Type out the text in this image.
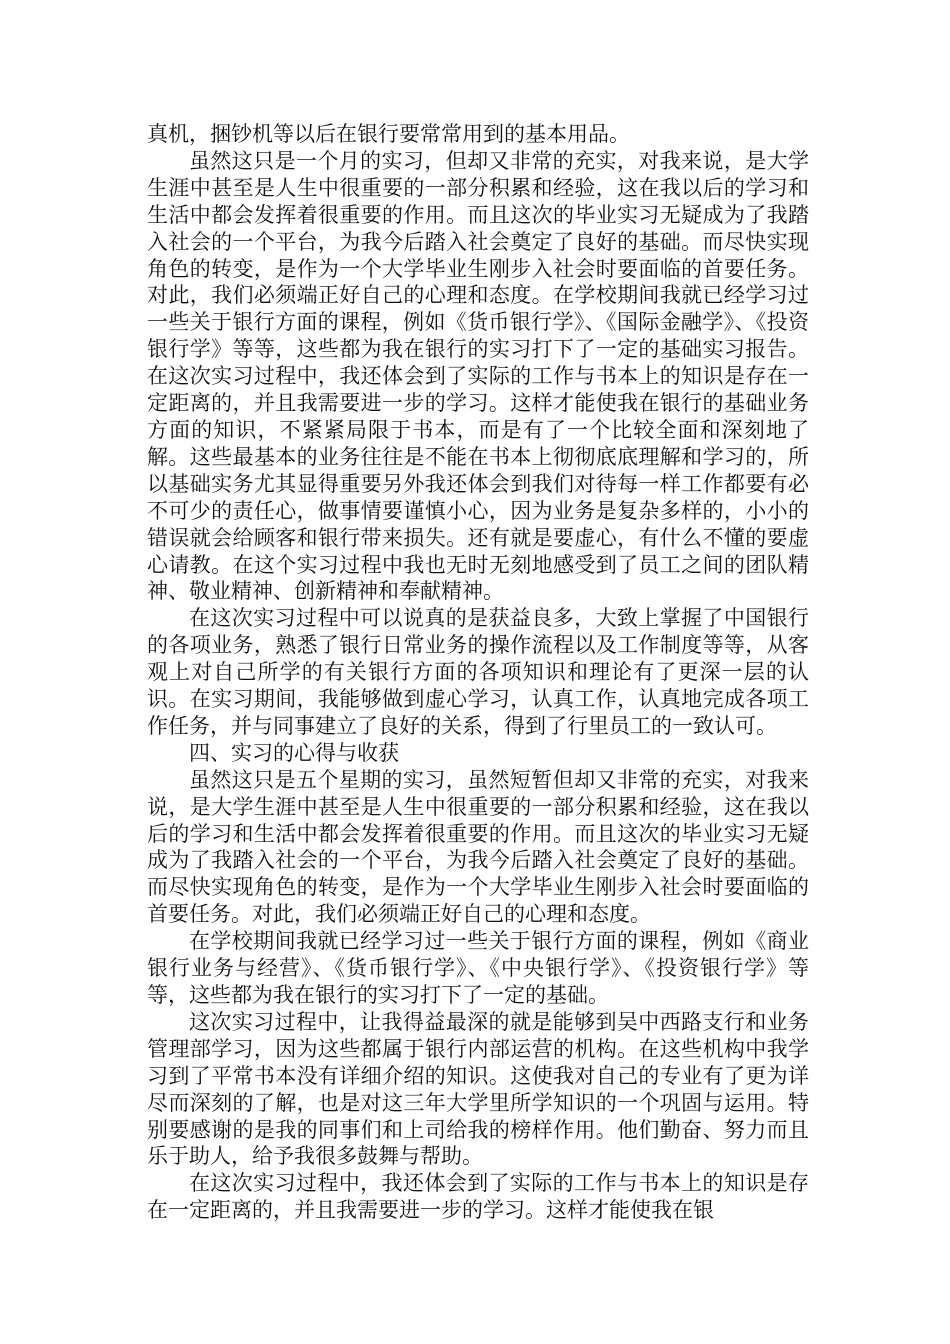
真机，捆钞机等以后在银行要常常用到的基本用品。

虽然这只是一个月的实习，但却又非常的充实，对我来说，是大学生涯中甚至是人生中很重要的一部分积累和经验，这在我以后的学习和生活中都会发挥着很重要的作用。而且这次的毕业实习无疑成为了我踏入社会的一个平台，为我今后踏入社会奠定了良好的基础。而尽快实现角色的转变，是作为一个大学毕业生刚步入社会时要面临的首要任务。对此，我们必须端正好自己的心理和态度。在学校期间我就已经学习过一些关于银行方面的课程，例如《货币银行学》、《国际金融学》、《投资银行学》等等，这些都为我在银行的实习打下了一定的基础实习报告。在这次实习过程中，我还体会到了实际的工作与书本上的知识是存在一定距离的，并且我需要进一步的学习。这样才能使我在银行的基础业务方面的知识，不紧紧局限于书本，而是有了一个比较全面和深刻地了解。这些最基本的业务往往是不能在书本上彻彻底底理解和学习的，所以基础实务尤其显得重要另外我还体会到我们对待每一样工作都要有必不可少的责任心，做事情要谨慎小心，因为业务是复杂多样的，小小的错误就会给顾客和银行带来损失。还有就是要虚心，有什么不懂的要虚心请教。在这个实习过程中我也无时无刻地感受到了员工之间的团队精神、敬业精神、创新精神和奉献精神。

在这次实习过程中可以说真的是获益良多，大致上掌握了中国银行的各项业务，熟悉了银行日常业务的操作流程以及工作制度等等，从客观上对自己所学的有关银行方面的各项知识和理论有了更深一层的认识。在实习期间，我能够做到虚心学习，认真工作，认真地完成各项工作任务，并与同事建立了良好的关系，得到了行里员工的一致认可。

四、实习的心得与收获

虽然这只是五个星期的实习，虽然短暂但却又非常的充实，对我来说，是大学生涯中甚至是人生中很重要的一部分积累和经验，这在我以后的学习和生活中都会发挥着很重要的作用。而且这次的毕业实习无疑成为了我踏入社会的一个平台，为我今后踏入社会奠定了良好的基础。而尽快实现角色的转变，是作为一个大学毕业生刚步入社会时要面临的首要任务。对此，我们必须端正好自己的心理和态度。

在学校期间我就已经学习过一些关于银行方面的课程，例如《商业银行业务与经营》、《货币银行学》、《中央银行学》、《投资银行学》等等，这些都为我在银行的实习打下了一定的基础。

这次实习过程中，让我得益最深的就是能够到吴中西路支行和业务管理部学习，因为这些都属于银行内部运营的机构。在这些机构中我学习到了平常书本没有详细介绍的知识。这使我对自己的专业有了更为详尽而深刻的了解，也是对这三年大学里所学知识的一个巩固与运用。特别要感谢的是我的同事们和上司给我的榜样作用。他们勤奋、努力而且乐于助人，给予我很多鼓舞与帮助。

在这次实习过程中，我还体会到了实际的工作与书本上的知识是存在一定距离的，并且我需要进一步的学习。这样才能使我在银
